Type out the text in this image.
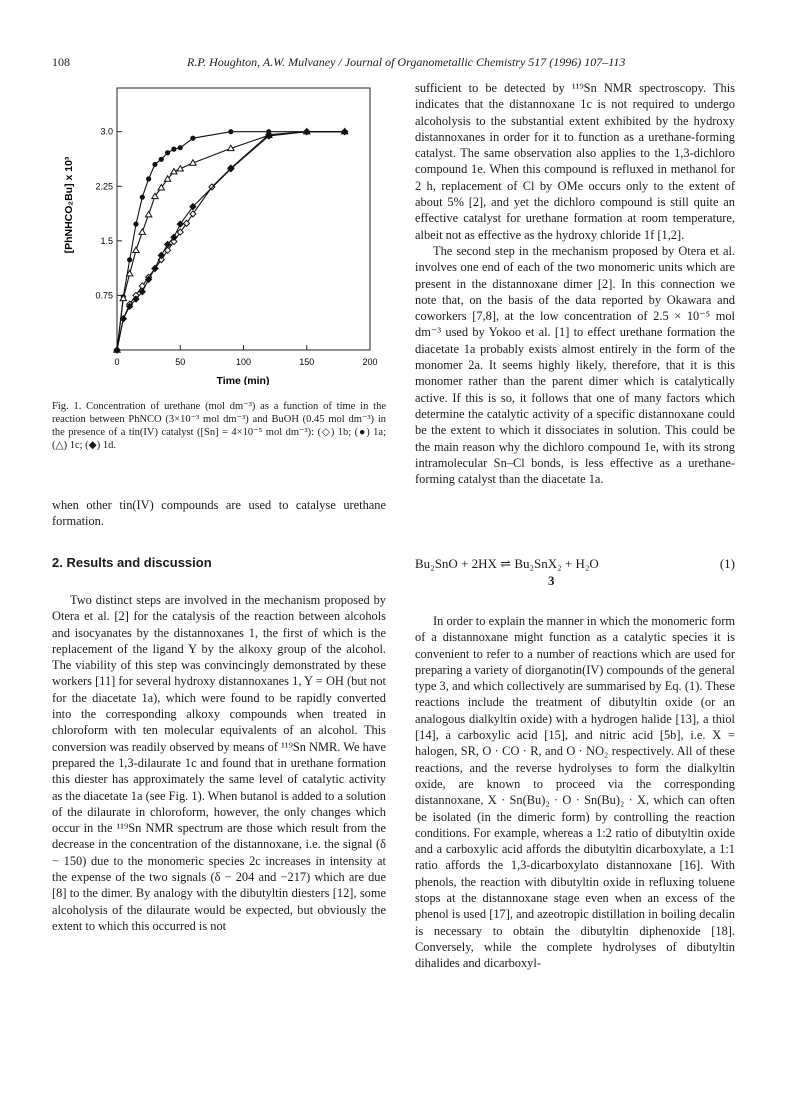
108	R.P. Houghton, A.W. Mulvaney / Journal of Organometallic Chemistry 517 (1996) 107–113
0	50	100	150	200
0.75
1.5
2.25
3.0
[PhNHCO₂Bu] x 10³
Time (min)
Fig. 1. Concentration of urethane (mol dm⁻³) as a function of time in the reaction between PhNCO (3×10⁻³ mol dm⁻³) and BuOH (0.45 mol dm⁻³) in the presence of a tin(IV) catalyst ([Sn] = 4×10⁻⁵ mol dm⁻³): (◇) 1b; (●) 1a; (△) 1c; (◆) 1d.

when other tin(IV) compounds are used to catalyse urethane formation.

2. Results and discussion

Two distinct steps are involved in the mechanism proposed by Otera et al. [2] for the catalysis of the reaction between alcohols and isocyanates by the distannoxanes 1, the first of which is the replacement of the ligand Y by the alkoxy group of the alcohol. The viability of this step was convincingly demonstrated by these workers [11] for several hydroxy distannoxanes 1, Y = OH (but not for the diacetate 1a), which were found to be rapidly converted into the corresponding alkoxy compounds when treated in chloroform with ten molecular equivalents of an alcohol. This conversion was readily observed by means of ¹¹⁹Sn NMR. We have prepared the 1,3-dilaurate 1c and found that in urethane formation this diester has approximately the same level of catalytic activity as the diacetate 1a (see Fig. 1). When butanol is added to a solution of the dilaurate in chloroform, however, the only changes which occur in the ¹¹⁹Sn NMR spectrum are those which result from the decrease in the concentration of the distannoxane, i.e. the signal (δ − 150) due to the monomeric species 2c increases in intensity at the expense of the two signals (δ − 204 and −217) which are due [8] to the dimer. By analogy with the dibutyltin diesters [12], some alcoholysis of the dilaurate would be expected, but obviously the extent to which this occurred is not

sufficient to be detected by ¹¹⁹Sn NMR spectroscopy. This indicates that the distannoxane 1c is not required to undergo alcoholysis to the substantial extent exhibited by the hydroxy distannoxanes in order for it to function as a urethane-forming catalyst. The same observation also applies to the 1,3-dichloro compound 1e. When this compound is refluxed in methanol for 2 h, replacement of Cl by OMe occurs only to the extent of about 5% [2], and yet the dichloro compound is still quite an effective catalyst for urethane formation at room temperature, albeit not as effective as the hydroxy chloride 1f [1,2].

The second step in the mechanism proposed by Otera et al. involves one end of each of the two monomeric units which are present in the distannoxane dimer [2]. In this connection we note that, on the basis of the data reported by Okawara and coworkers [7,8], at the low concentration of 2.5 × 10⁻⁵ mol dm⁻³ used by Yokoo et al. [1] to effect urethane formation the diacetate 1a probably exists almost entirely in the form of the monomer 2a. It seems highly likely, therefore, that it is this monomer rather than the parent dimer which is catalytically active. If this is so, it follows that one of many factors which determine the catalytic activity of a specific distannoxane could be the extent to which it dissociates in solution. This could be the main reason why the dichloro compound 1e, with its strong intramolecular Sn–Cl bonds, is less effective as a urethane-forming catalyst than the diacetate 1a.

Bu₂SnO + 2HX ⇌ Bu₂SnX₂ + H₂O
3
(1)

In order to explain the manner in which the monomeric form of a distannoxane might function as a catalytic species it is convenient to refer to a number of reactions which are used for preparing a variety of diorganotin(IV) compounds of the general type 3, and which collectively are summarised by Eq. (1). These reactions include the treatment of dibutyltin oxide (or an analogous dialkyltin oxide) with a hydrogen halide [13], a thiol [14], a carboxylic acid [15], and nitric acid [5b], i.e. X = halogen, SR, O · CO · R, and O · NO₂ respectively. All of these reactions, and the reverse hydrolyses to form the dialkyltin oxide, are known to proceed via the corresponding distannoxane, X · Sn(Bu)₂ · O · Sn(Bu)₂ · X, which can often be isolated (in the dimeric form) by controlling the reaction conditions. For example, whereas a 1:2 ratio of dibutyltin oxide and a carboxylic acid affords the dibutyltin dicarboxylate, a 1:1 ratio affords the 1,3-dicarboxylato distannoxane [16]. With phenols, the reaction with dibutyltin oxide in refluxing toluene stops at the distannoxane stage even when an excess of the phenol is used [17], and azeotropic distillation in boiling decalin is necessary to obtain the dibutyltin diphenoxide [18]. Conversely, while the complete hydrolyses of dibutyltin dihalides and dicarboxyl-
